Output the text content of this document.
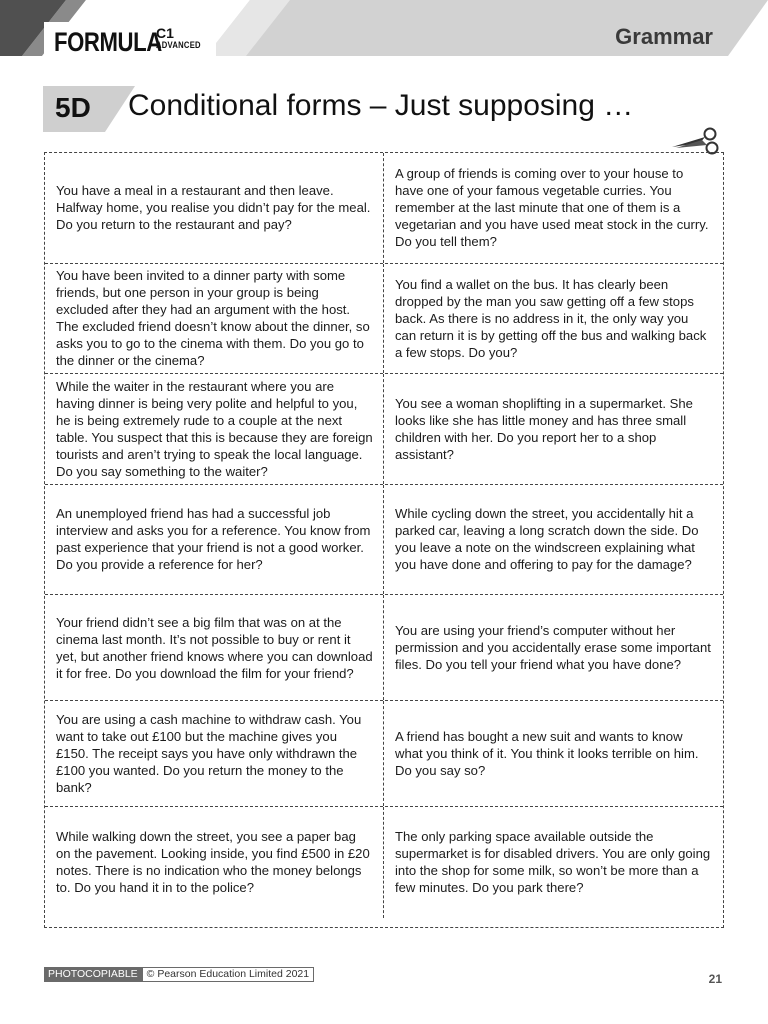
FORMULA
C1
ADVANCED	Grammar
5D Conditional forms – Just supposing …
You have a meal in a restaurant and then leave. Halfway home, you realise you didn’t pay for the meal. Do you return to the restaurant and pay?
A group of friends is coming over to your house to have one of your famous vegetable curries. You remember at the last minute that one of them is a vegetarian and you have used meat stock in the curry. Do you tell them?
You have been invited to a dinner party with some friends, but one person in your group is being excluded after they had an argument with the host. The excluded friend doesn’t know about the dinner, so asks you to go to the cinema with them. Do you go to the dinner or the cinema?
You find a wallet on the bus. It has clearly been dropped by the man you saw getting off a few stops back. As there is no address in it, the only way you can return it is by getting off the bus and walking back a few stops. Do you?
While the waiter in the restaurant where you are having dinner is being very polite and helpful to you, he is being extremely rude to a couple at the next table. You suspect that this is because they are foreign tourists and aren’t trying to speak the local language. Do you say something to the waiter?
You see a woman shoplifting in a supermarket. She looks like she has little money and has three small children with her. Do you report her to a shop assistant?
An unemployed friend has had a successful job interview and asks you for a reference. You know from past experience that your friend is not a good worker. Do you provide a reference for her?
While cycling down the street, you accidentally hit a parked car, leaving a long scratch down the side. Do you leave a note on the windscreen explaining what you have done and offering to pay for the damage?
Your friend didn’t see a big film that was on at the cinema last month. It’s not possible to buy or rent it yet, but another friend knows where you can download it for free. Do you download the film for your friend?
You are using your friend’s computer without her permission and you accidentally erase some important files. Do you tell your friend what you have done?
You are using a cash machine to withdraw cash. You want to take out £100 but the machine gives you £150. The receipt says you have only withdrawn the £100 you wanted. Do you return the money to the bank?
A friend has bought a new suit and wants to know what you think of it. You think it looks terrible on him. Do you say so?
While walking down the street, you see a paper bag on the pavement. Looking inside, you find £500 in £20 notes. There is no indication who the money belongs to. Do you hand it in to the police?
The only parking space available outside the supermarket is for disabled drivers. You are only going into the shop for some milk, so won’t be more than a few minutes. Do you park there?
PHOTOCOPIABLE © Pearson Education Limited 2021	21
